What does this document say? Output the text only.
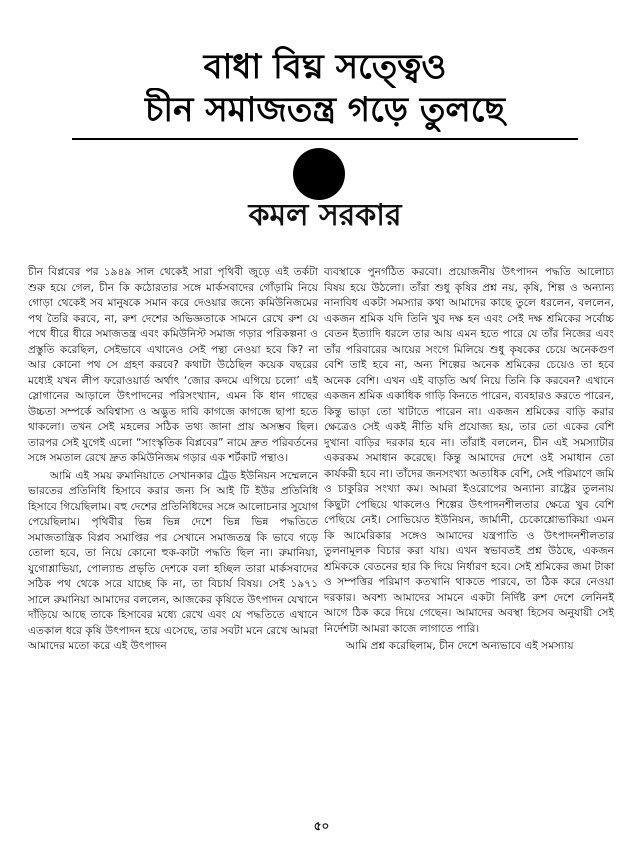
বাধা বিঘ্ন সত্ত্বেও
চীন সমাজতন্ত্র গড়ে তুলছে
কমল সরকার

চীন বিপ্লবের পর ১৯৪৯ সাল থেকেই সারা পৃথিবী জুড়ে এই তর্কটা শুরু হয়ে গেল, চীন কি কঠোরতার সঙ্গে মার্কসবাদের গোঁড়ামি নিয়ে গোড়া থেকেই সব মানুষকে সমান করে দেওয়ার জন্যে কমিউনিজমের পথ তৈরি করবে, না, রুশ দেশের অভিজ্ঞতাকে সামনে রেখে রুশ যে পথে ধীরে ধীরে সমাজতন্ত্র এবং কমিউনিস্ট সমাজ গড়ার পরিকল্পনা ও প্রস্তুতি করেছিল, সেইভাবে এখানেও সেই পন্থা নেওয়া হবে কি? না আর কোনো পথ সে গ্রহণ করবে? কথাটা উঠেছিল কয়েক বছরের মধ্যেই যখন লীপ ফরোওয়ার্ড অর্থাৎ ‘জোর কদমে এগিয়ে চলো’ এই স্লোগানের আড়ালে উৎপাদনের পরিসংখ্যান, এমন কি ধান গাছের উচ্চতা সম্পর্কে অবিশ্বাস্য ও অদ্ভুত দাবি কাগজে কাগজে ছাপা হতে থাকলো। তখন সেই মহলের সঠিক তথ্য জানা প্রায় অসম্ভব ছিল। তারপর সেই যুগেই এলো “সাংস্কৃতিক বিপ্লবের” নামে দ্রুত পরিবর্তনের সঙ্গে সমতাল রেখে দ্রুত কমিউনিজম গড়ার এক শর্টকাট পন্থাও।

আমি এই সময় রুমানিয়াতে সেখানকার ট্রেড ইউনিয়ন সম্মেলনে ভারতের প্রতিনিধি হিসাবে করার জন্য সি আই টি ইউর প্রতিনিধি হিসাবে গিয়েছিলাম। বহু দেশের প্রতিনিধিদের সঙ্গে আলোচনার সুযোগ পেয়েছিলাম। পৃথিবীর ভিন্ন ভিন্ন দেশে ভিন্ন ভিন্ন পদ্ধতিতে সমাজতান্ত্রিক বিপ্লব সমাপ্তির পর সেখানে সমাজতন্ত্র কি ভাবে গড়ে তোলা হবে, তা নিয়ে কোনো হুক-কাটা পদ্ধতি ছিল না। রুমানিয়া, যুগোশ্লাভিয়া, পোল্যান্ড প্রভৃতি দেশকে বলা হচ্ছিল তারা মার্কসবাদের সঠিক পথ থেকে সরে যাচ্ছে কি না, তা বিচার্য বিষয়। সেই ১৯৭১ সালে রুমানিয়া আমাদের বললেন, আজকের কৃষিতে উৎপাদন যেখানে দাঁড়িয়ে আছে তাকে হিসাবের মধ্যে রেখে এবং যে পদ্ধতিতে এখানে এতকাল ধরে কৃষি উৎপাদন হয়ে এসেছে, তার সবটা মনে রেখে আমরা আমাদের মতো করে এই উৎপাদন

ব্যবস্থাকে পুনর্গঠিত করবো। প্রয়োজনীয় উৎপাদন পদ্ধতি আলোচ্য বিষয় হয়ে উঠলো। তাঁরা শুধু কৃষির প্রশ্ন নয়, কৃষি, শিল্প ও অন্যান্য নানাবিধ একটা সমস্যার কথা আমাদের কাছে তুলে ধরলেন, বললেন, একজন শ্রমিক যদি তিনি খুব দক্ষ হন এবং সেই দক্ষ শ্রমিকের সর্বোচ্চ বেতন ইত্যাদি ধরলে তার আয় এমন হতে পারে যে তাঁর নিজের এবং তাঁর পরিবারের আয়ের সংগে মিলিয়ে শুধু কৃষকের চেয়ে অনেকগুণ বেশি তাই হবে না, অন্য শিল্পের অনেক শ্রমিকের চেয়েও তা হবে অনেক বেশি। এখন এই বাড়তি অর্থ নিয়ে তিনি কি করবেন? এখানে একজন শ্রমিক একাধিক গাড়ি কিনতে পারেন, ব্যবহারও করতে পারেন, কিন্তু ভাড়া তো খাটাতে পারেন না। একজন শ্রমিকের বাড়ি করার ক্ষেত্রেও সেই একই নীতি যদি প্রযোজ্য হয়, তার তো একের বেশি দুখানা বাড়ির দরকার হবে না। তাঁরাই বললেন, চীন এই সমস্যাটার একরকম সমাধান করেছে। কিন্তু আমাদের দেশে ওই সমাধান তো কার্যকরী হবে না। তাঁদের জনসংখ্যা অত্যধিক বেশি, সেই পরিমাণে জমি ও চাকুরির সংখ্যা কম। আমরা ইওরোপের অন্যান্য রাষ্ট্রের তুলনায় কিছুটা পেছিয়ে থাকলেও শিল্পের উৎপাদনশীলতার ক্ষেত্রে খুব বেশি পেছিয়ে নেই। সোভিয়েত ইউনিয়ন, জার্মানী, চেকোশ্লোভাকিয়া এমন কি আমেরিকার সঙ্গেও আমাদের যন্ত্রপাতি ও উৎপাদনশীলতার তুলনামূলক বিচার করা যায়। এখন স্বভাবতই প্রশ্ন উঠছে, একজন শ্রমিককে বেতনের হার কি দিয়ে নির্ধারণ হবে। সেই শ্রমিকের জমা টাকা ও সম্পত্তির পরিমাণ কতখানি থাকতে পারবে, তা ঠিক করে নেওয়া দরকার। অবশ্য আমাদের সামনে একটা নির্দিষ্ট রুশ দেশে লেনিনই আগে ঠিক করে দিয়ে গেছেন। আমাদের অবস্থা হিসেব অনুযায়ী সেই নির্দেশটা আমরা কাজে লাগাতে পারি।

আমি প্রশ্ন করেছিলাম, চীন দেশে অন্যভাবে এই সমস্যায়

৫০
